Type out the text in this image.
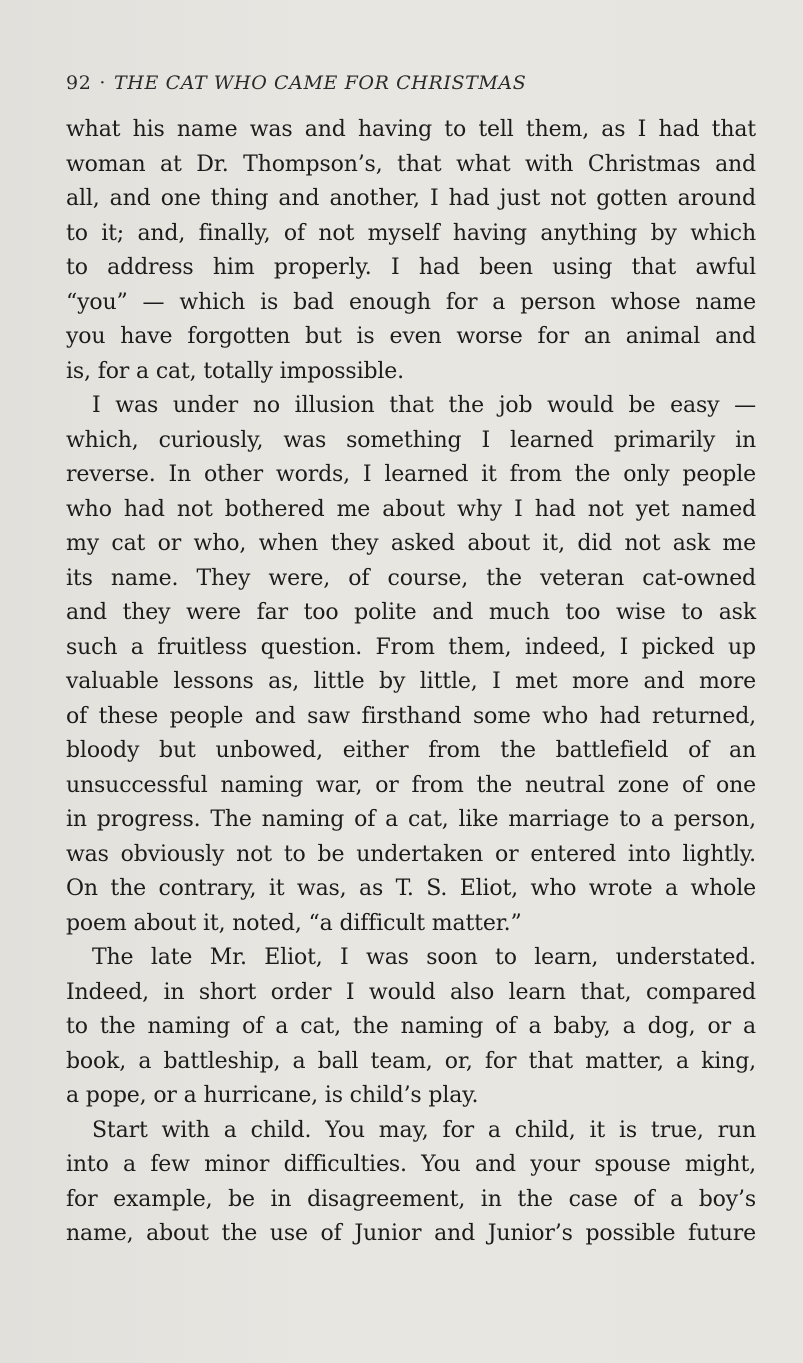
92 · THE CAT WHO CAME FOR CHRISTMAS
what his name was and having to tell them, as I had that
woman at Dr. Thompson’s, that what with Christmas and
all, and one thing and another, I had just not gotten around
to it; and, finally, of not myself having anything by which
to address him properly. I had been using that awful
“you” — which is bad enough for a person whose name
you have forgotten but is even worse for an animal and
is, for a cat, totally impossible.
I was under no illusion that the job would be easy —
which, curiously, was something I learned primarily in
reverse. In other words, I learned it from the only people
who had not bothered me about why I had not yet named
my cat or who, when they asked about it, did not ask me
its name. They were, of course, the veteran cat-owned
and they were far too polite and much too wise to ask
such a fruitless question. From them, indeed, I picked up
valuable lessons as, little by little, I met more and more
of these people and saw firsthand some who had returned,
bloody but unbowed, either from the battlefield of an
unsuccessful naming war, or from the neutral zone of one
in progress. The naming of a cat, like marriage to a person,
was obviously not to be undertaken or entered into lightly.
On the contrary, it was, as T. S. Eliot, who wrote a whole
poem about it, noted, “a difficult matter.”
The late Mr. Eliot, I was soon to learn, understated.
Indeed, in short order I would also learn that, compared
to the naming of a cat, the naming of a baby, a dog, or a
book, a battleship, a ball team, or, for that matter, a king,
a pope, or a hurricane, is child’s play.
Start with a child. You may, for a child, it is true, run
into a few minor difficulties. You and your spouse might,
for example, be in disagreement, in the case of a boy’s
name, about the use of Junior and Junior’s possible future
